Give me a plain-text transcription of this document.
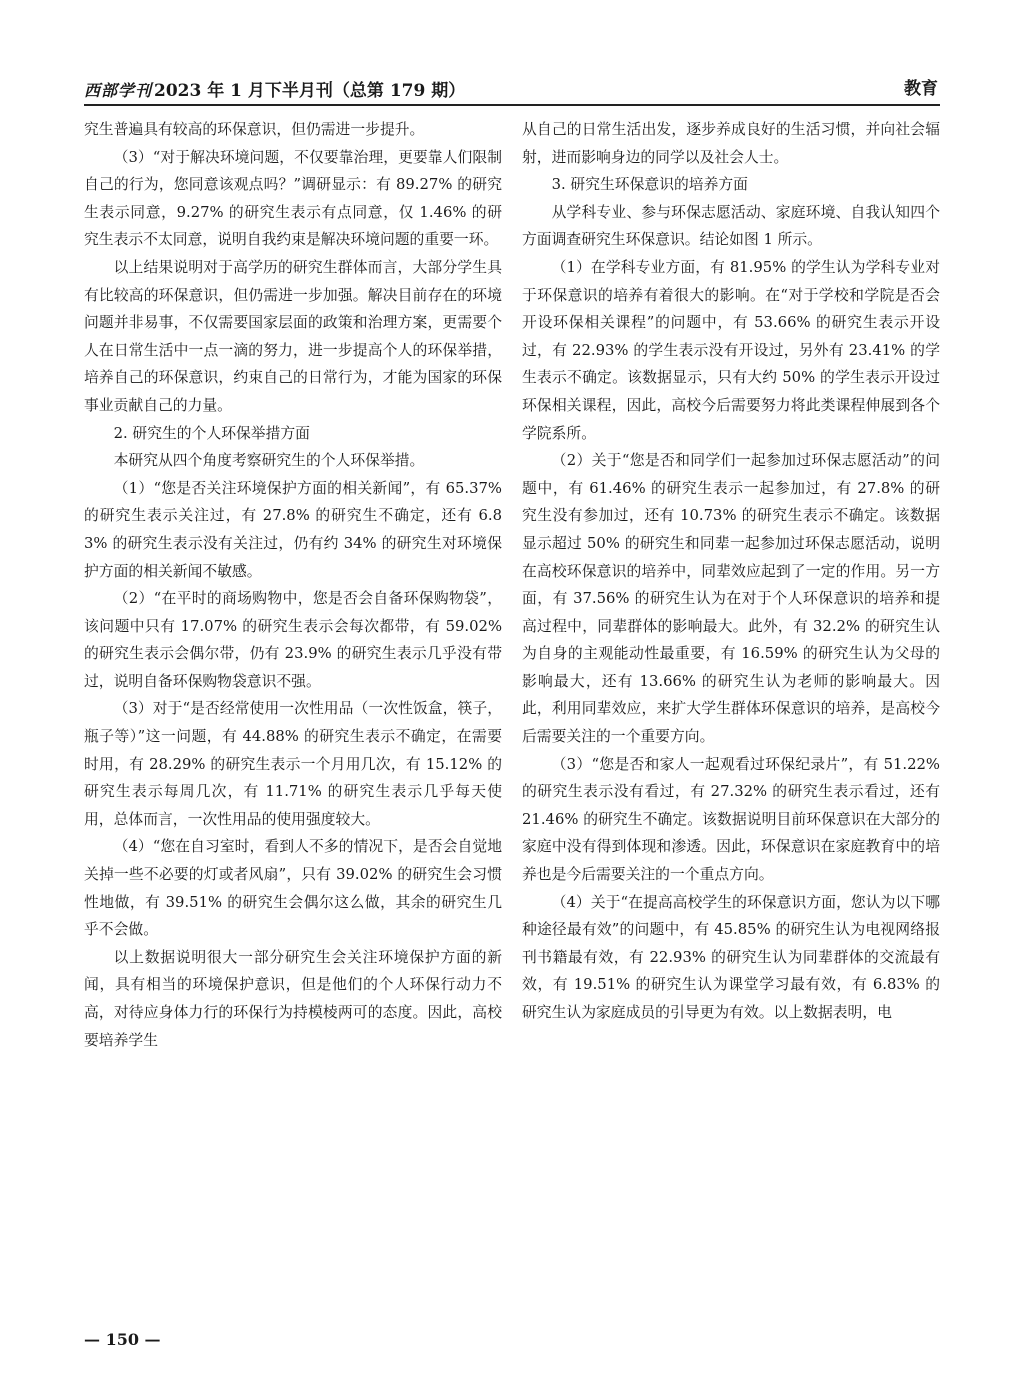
西部学刊 2023 年 1 月下半月刊（总第 179 期）	教育

究生普遍具有较高的环保意识，但仍需进一步提升。

（3）“对于解决环境问题，不仅要靠治理，更要靠人们限制自己的行为，您同意该观点吗？”调研显示：有 89.27% 的研究生表示同意，9.27% 的研究生表示有点同意，仅 1.46% 的研究生表示不太同意，说明自我约束是解决环境问题的重要一环。

以上结果说明对于高学历的研究生群体而言，大部分学生具有比较高的环保意识，但仍需进一步加强。解决目前存在的环境问题并非易事，不仅需要国家层面的政策和治理方案，更需要个人在日常生活中一点一滴的努力，进一步提高个人的环保举措，培养自己的环保意识，约束自己的日常行为，才能为国家的环保事业贡献自己的力量。

2. 研究生的个人环保举措方面

本研究从四个角度考察研究生的个人环保举措。

（1）“您是否关注环境保护方面的相关新闻”，有 65.37% 的研究生表示关注过，有 27.8% 的研究生不确定，还有 6.83% 的研究生表示没有关注过，仍有约 34% 的研究生对环境保护方面的相关新闻不敏感。

（2）“在平时的商场购物中，您是否会自备环保购物袋”，该问题中只有 17.07% 的研究生表示会每次都带，有 59.02% 的研究生表示会偶尔带，仍有 23.9% 的研究生表示几乎没有带过，说明自备环保购物袋意识不强。

（3）对于“是否经常使用一次性用品（一次性饭盒，筷子，瓶子等）”这一问题，有 44.88% 的研究生表示不确定，在需要时用，有 28.29% 的研究生表示一个月用几次，有 15.12% 的研究生表示每周几次，有 11.71% 的研究生表示几乎每天使用，总体而言，一次性用品的使用强度较大。

（4）“您在自习室时，看到人不多的情况下，是否会自觉地关掉一些不必要的灯或者风扇”，只有 39.02% 的研究生会习惯性地做，有 39.51% 的研究生会偶尔这么做，其余的研究生几乎不会做。

以上数据说明很大一部分研究生会关注环境保护方面的新闻，具有相当的环境保护意识，但是他们的个人环保行动力不高，对待应身体力行的环保行为持模棱两可的态度。因此，高校要培养学生

从自己的日常生活出发，逐步养成良好的生活习惯，并向社会辐射，进而影响身边的同学以及社会人士。

3. 研究生环保意识的培养方面

从学科专业、参与环保志愿活动、家庭环境、自我认知四个方面调查研究生环保意识。结论如图 1 所示。

（1）在学科专业方面，有 81.95% 的学生认为学科专业对于环保意识的培养有着很大的影响。在“对于学校和学院是否会开设环保相关课程”的问题中，有 53.66% 的研究生表示开设过，有 22.93% 的学生表示没有开设过，另外有 23.41% 的学生表示不确定。该数据显示，只有大约 50% 的学生表示开设过环保相关课程，因此，高校今后需要努力将此类课程伸展到各个学院系所。

（2）关于“您是否和同学们一起参加过环保志愿活动”的问题中，有 61.46% 的研究生表示一起参加过，有 27.8% 的研究生没有参加过，还有 10.73% 的研究生表示不确定。该数据显示超过 50% 的研究生和同辈一起参加过环保志愿活动，说明在高校环保意识的培养中，同辈效应起到了一定的作用。另一方面，有 37.56% 的研究生认为在对于个人环保意识的培养和提高过程中，同辈群体的影响最大。此外，有 32.2% 的研究生认为自身的主观能动性最重要，有 16.59% 的研究生认为父母的影响最大，还有 13.66% 的研究生认为老师的影响最大。因此，利用同辈效应，来扩大学生群体环保意识的培养，是高校今后需要关注的一个重要方向。

（3）“您是否和家人一起观看过环保纪录片”，有 51.22% 的研究生表示没有看过，有 27.32% 的研究生表示看过，还有 21.46% 的研究生不确定。该数据说明目前环保意识在大部分的家庭中没有得到体现和渗透。因此，环保意识在家庭教育中的培养也是今后需要关注的一个重点方向。

（4）关于“在提高高校学生的环保意识方面，您认为以下哪种途径最有效”的问题中，有 45.85% 的研究生认为电视网络报刊书籍最有效，有 22.93% 的研究生认为同辈群体的交流最有效，有 19.51% 的研究生认为课堂学习最有效，有 6.83% 的研究生认为家庭成员的引导更为有效。以上数据表明，电

— 150 —
